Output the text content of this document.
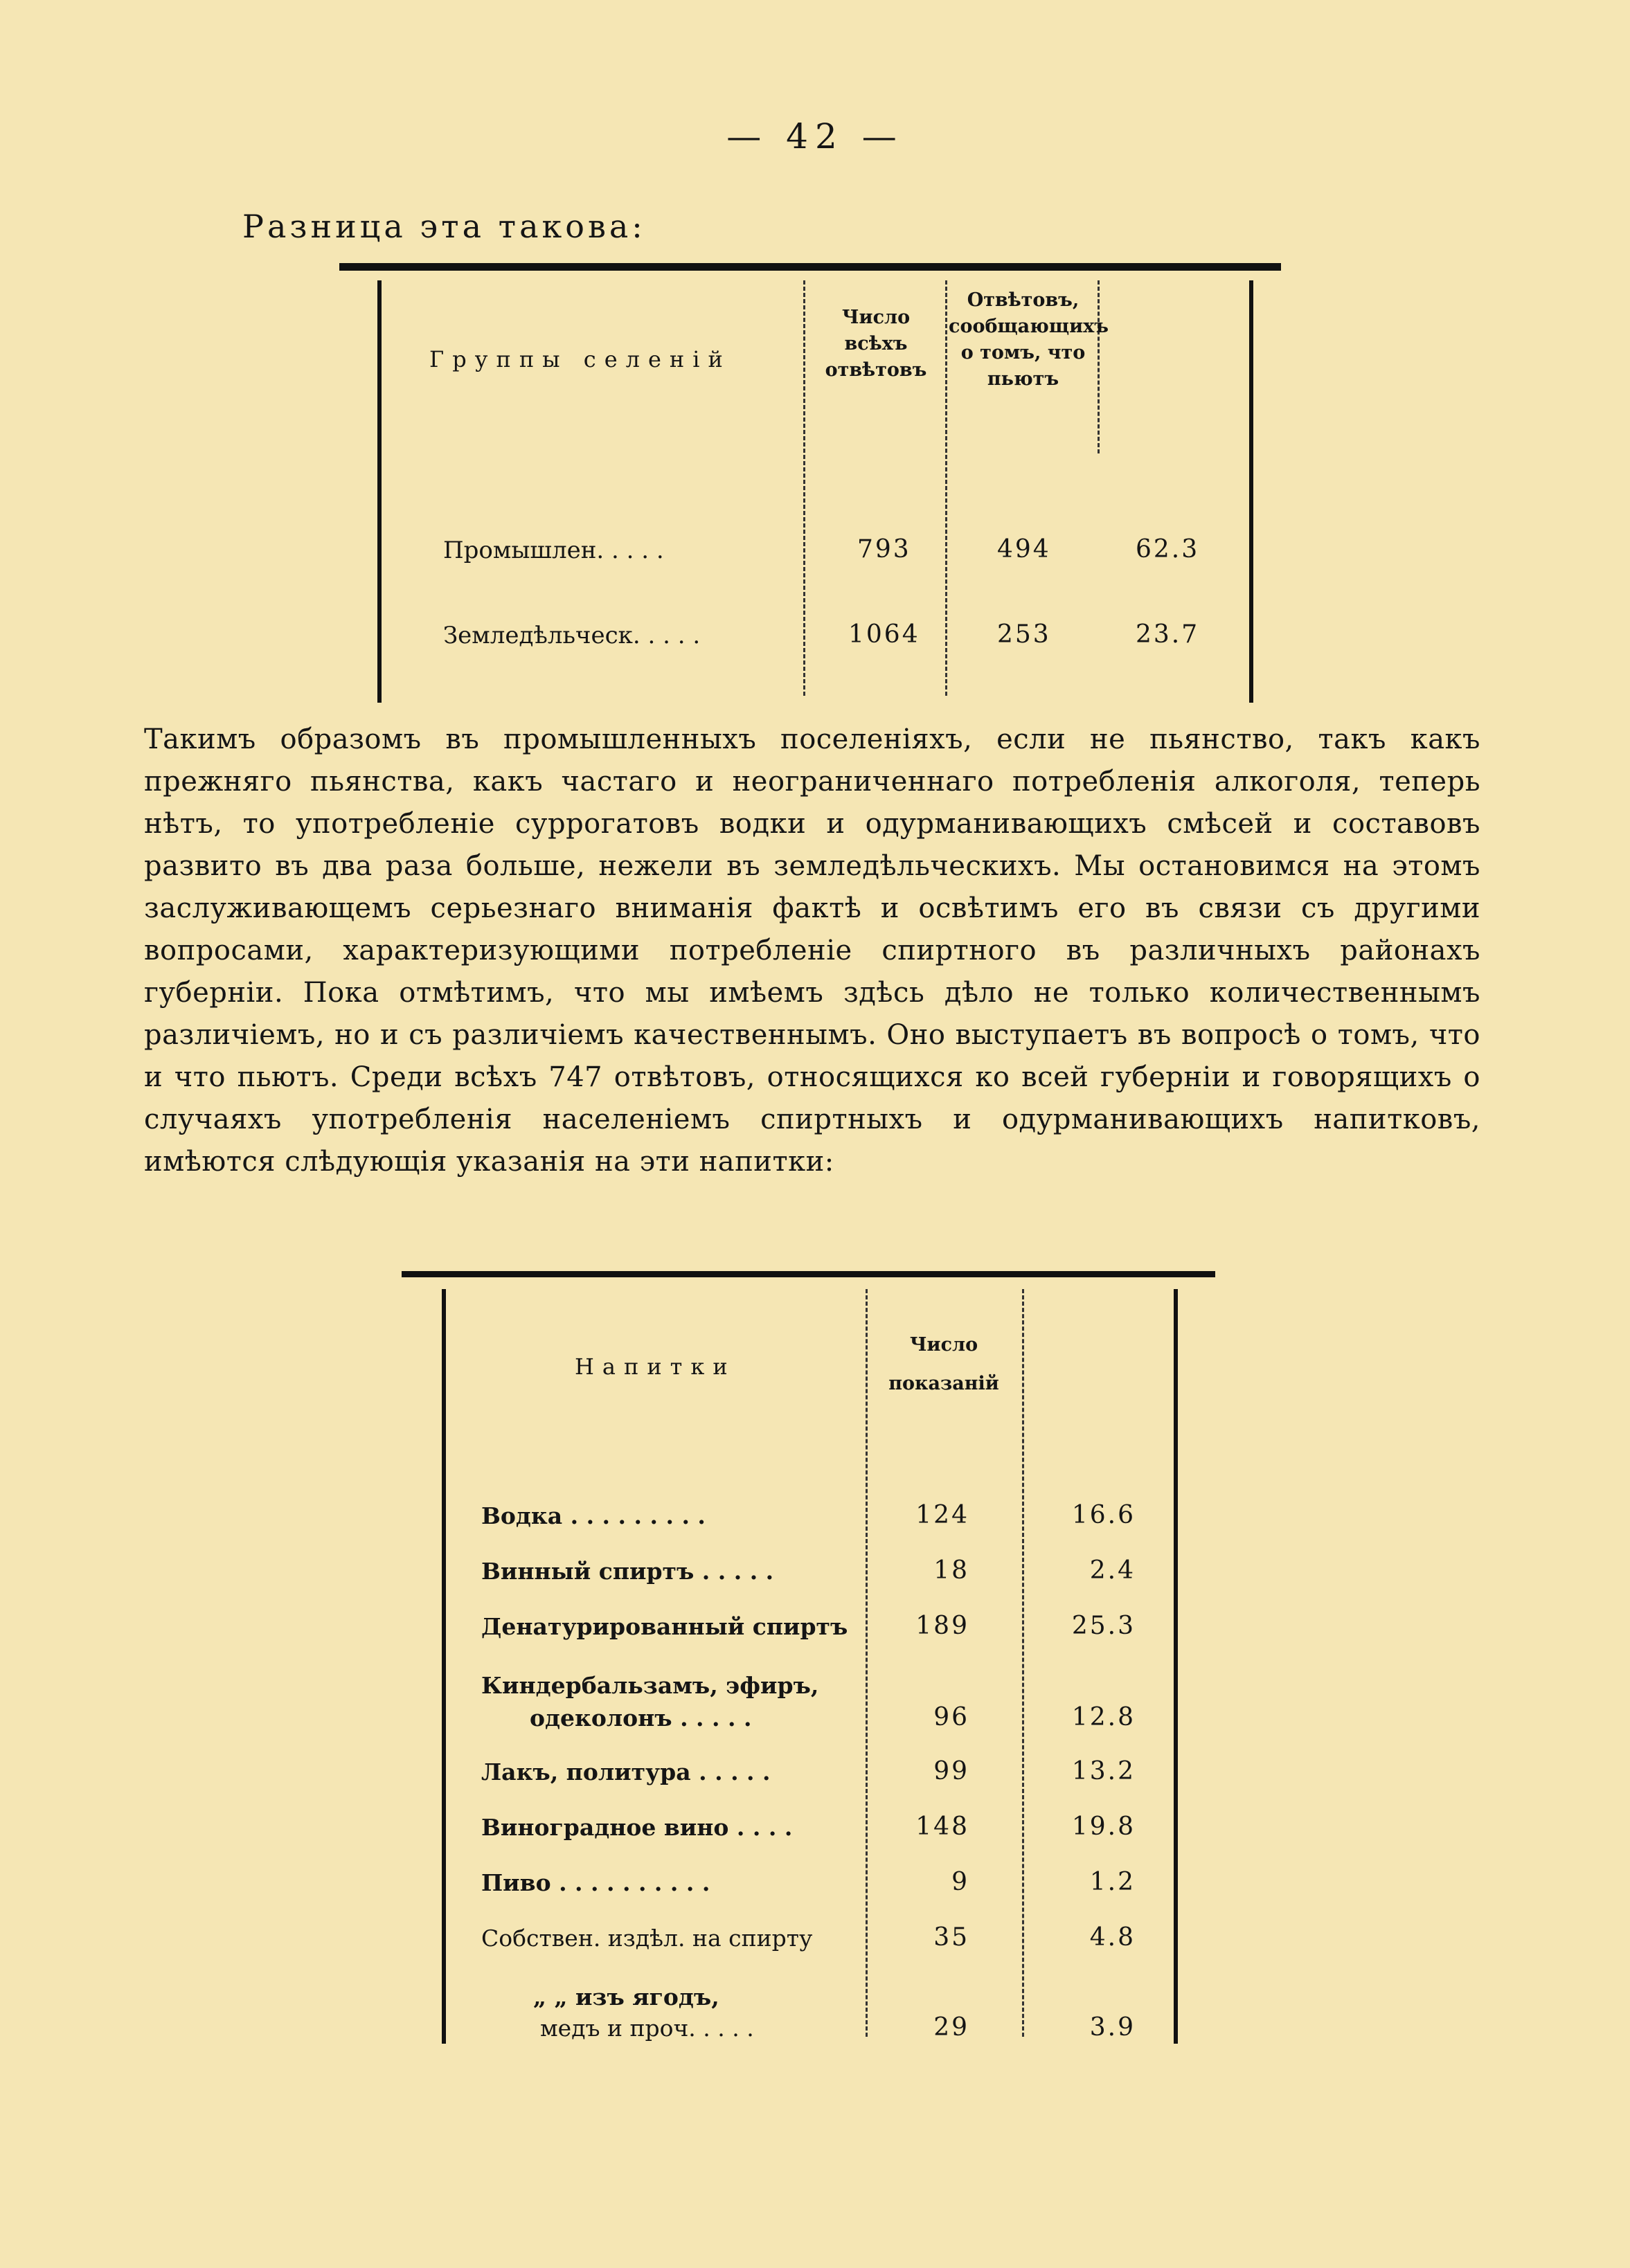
— 42 —
Разница эта такова:
Группы селеній
Число всѣхъ отвѣтовъ
Отвѣтовъ, сообщающихъ о томъ, что пьютъ
Промышлен. . . . .	793	494	62.3
Земледѣльческ. . . . .	1064	253	23.7
Такимъ образомъ въ промышленныхъ поселеніяхъ, если не пьянство, такъ какъ прежняго пьянства, какъ частаго и неограниченнаго потребленія алкоголя, теперь нѣтъ, то употребленіе суррогатовъ водки и одурманивающихъ смѣсей и составовъ развито въ два раза больше, нежели въ земледѣльческихъ. Мы остановимся на этомъ заслуживающемъ серьезнаго вниманія фактѣ и освѣтимъ его въ связи съ другими вопросами, характеризующими потребленіе спиртного въ различныхъ районахъ губерніи. Пока отмѣтимъ, что мы имѣемъ здѣсь дѣло не только количественнымъ различіемъ, но и съ различіемъ качественнымъ. Оно выступаетъ въ вопросѣ о томъ, что и что пьютъ. Среди всѣхъ 747 отвѣтовъ, относящихся ко всей губерніи и говорящихъ о случаяхъ употребленія населеніемъ спиртныхъ и одурманивающихъ напитковъ, имѣются слѣдующія указанія на эти напитки:
Напитки
Число показаній
Водка . . . . . . . . .	124	16.6
Винный спиртъ . . . . .	18	2.4
Денатурированный спиртъ	189	25.3
Киндербальзамъ, эфиръ,
одеколонъ . . . . .	96	12.8
Лакъ, политура . . . . .	99	13.2
Виноградное вино . . . .	148	19.8
Пиво . . . . . . . . . .	9	1.2
Собствен. издѣл. на спирту	35	4.8
„ „ изъ ягодъ,
медъ и проч. . . . .	29	3.9
